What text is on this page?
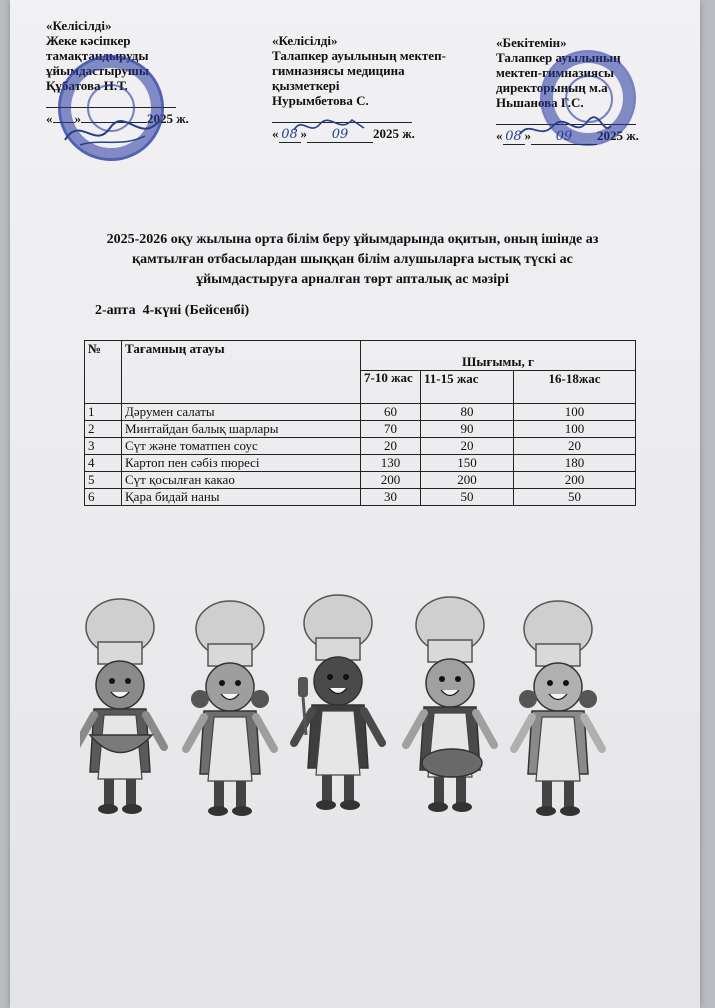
«Келісілді»
Жеке кәсіпкер
тамақтандыруды
ұйымдастырушы
Құбатова Н.Т.
« »	2025 ж.
«Келісілді»
Талапкер ауылының мектеп-
гимназиясы медицина
қызметкері
Нурымбетова С.
« 08 » 09 2025 ж.
«Бекітемін»
Талапкер ауылының
мектеп-гимназиясы
директорының м.а
Ньшанова Г.С.
« 08 » 09 2025 ж.
2025-2026 оқу жылына орта білім беру ұйымдарында оқитын, оның ішінде аз қамтылған отбасылардан шыққан білім алушыларға ыстық түскі ас ұйымдастыруға арналған төрт апталық ас мәзірі
2-апта  4-күні (Бейсенбі)
№	Тағамның атауы	Шығымы, г		
		7-10 жас	11-15 жас	16-18жас
1	Дәрумен салаты	60	80	100
2	Минтайдан балық шарлары	70	90	100
3	Сүт және томатпен соус	20	20	20
4	Картоп пен сәбіз пюресі	130	150	180
5	Сүт қосылған какао	200	200	200
6	Қара бидай наны	30	50	50
